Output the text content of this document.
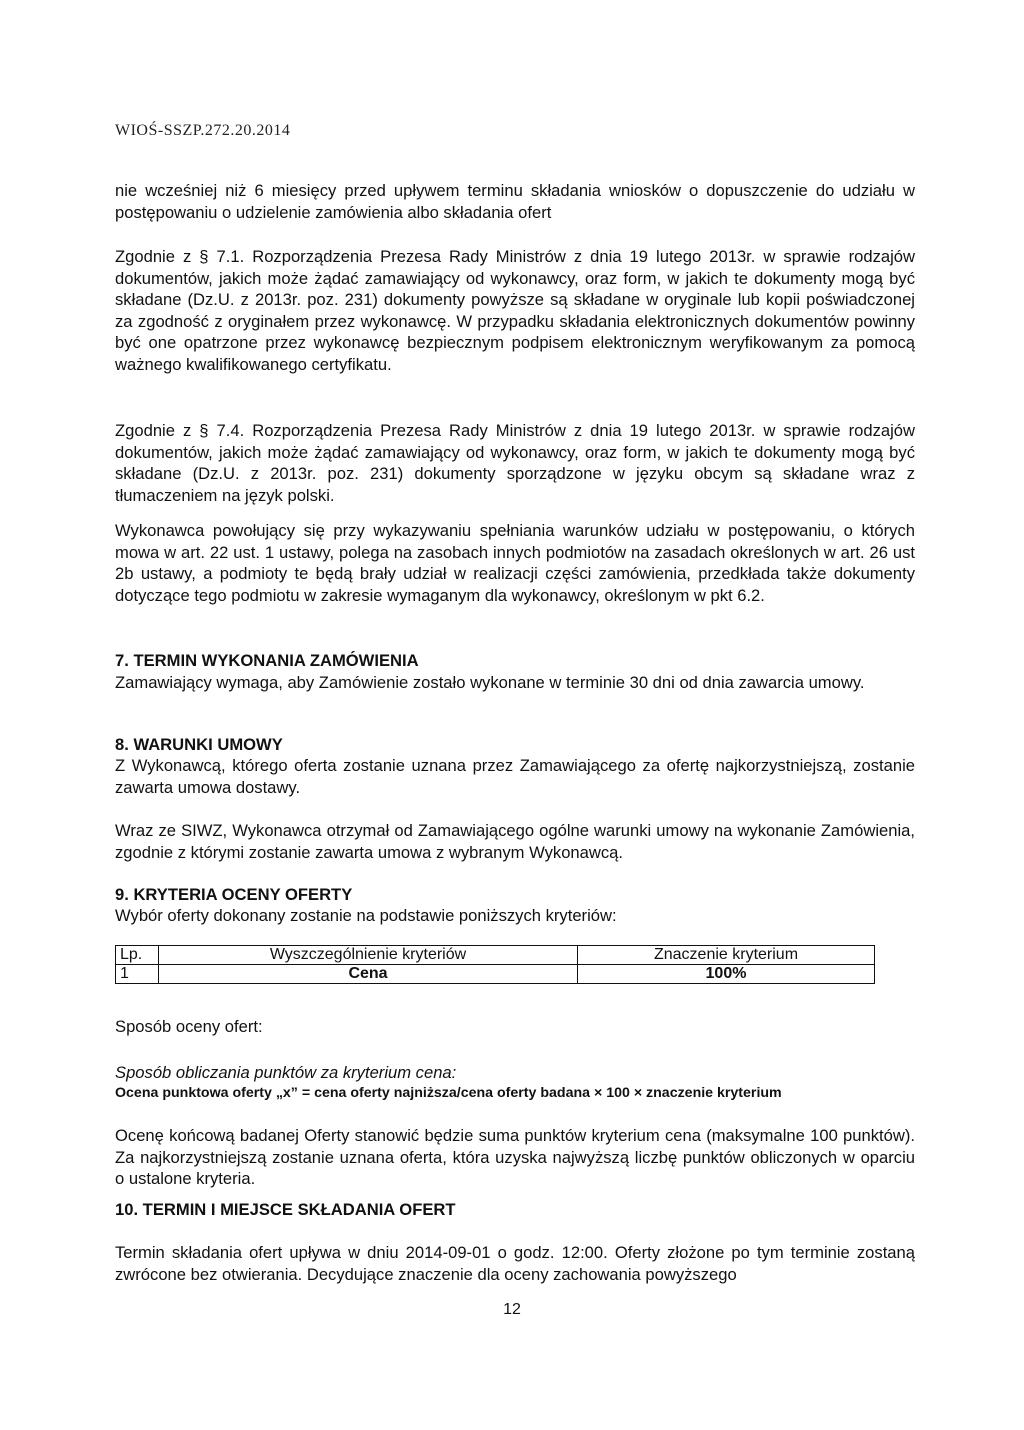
WIOŚ-SSZP.272.20.2014
nie wcześniej niż 6 miesięcy przed upływem terminu składania wniosków o dopuszczenie do udziału w postępowaniu o udzielenie zamówienia albo składania ofert
Zgodnie z § 7.1. Rozporządzenia Prezesa Rady Ministrów z dnia 19 lutego 2013r. w sprawie rodzajów dokumentów, jakich może żądać zamawiający od wykonawcy, oraz form, w jakich te dokumenty mogą być składane (Dz.U. z 2013r. poz. 231) dokumenty powyższe są składane w oryginale lub kopii poświadczonej za zgodność z oryginałem przez wykonawcę. W przypadku składania elektronicznych dokumentów powinny być one opatrzone przez wykonawcę bezpiecznym podpisem elektronicznym weryfikowanym za pomocą ważnego kwalifikowanego certyfikatu.
Zgodnie z § 7.4. Rozporządzenia Prezesa Rady Ministrów z dnia 19 lutego 2013r. w sprawie rodzajów dokumentów, jakich może żądać zamawiający od wykonawcy, oraz form, w jakich te dokumenty mogą być składane (Dz.U. z 2013r. poz. 231) dokumenty sporządzone w języku obcym są składane wraz z tłumaczeniem na język polski.
Wykonawca powołujący się przy wykazywaniu spełniania warunków udziału w postępowaniu, o których mowa w art. 22 ust. 1 ustawy, polega na zasobach innych podmiotów na zasadach określonych w art. 26 ust 2b ustawy, a podmioty te będą brały udział w realizacji części zamówienia, przedkłada także dokumenty dotyczące tego podmiotu w zakresie wymaganym dla wykonawcy, określonym w pkt 6.2.
7. TERMIN WYKONANIA ZAMÓWIENIA
Zamawiający wymaga, aby Zamówienie zostało wykonane w terminie 30 dni od dnia zawarcia umowy.
8. WARUNKI UMOWY
Z Wykonawcą, którego oferta zostanie uznana przez Zamawiającego za ofertę najkorzystniejszą, zostanie zawarta umowa dostawy.
Wraz ze SIWZ, Wykonawca otrzymał od Zamawiającego ogólne warunki umowy na wykonanie Zamówienia, zgodnie z którymi zostanie zawarta umowa z wybranym Wykonawcą.
9. KRYTERIA OCENY OFERTY
Wybór oferty dokonany zostanie na podstawie poniższych kryteriów:
Lp.	Wyszczególnienie kryteriów	Znaczenie kryterium
1	Cena	100%
Sposób oceny ofert:
Sposób obliczania punktów za kryterium cena:
Ocena punktowa oferty „x” = cena oferty najniższa/cena oferty badana × 100 × znaczenie kryterium
Ocenę końcową badanej Oferty stanowić będzie suma punktów kryterium cena (maksymalne 100 punktów). Za najkorzystniejszą zostanie uznana oferta, która uzyska najwyższą liczbę punktów obliczonych w oparciu o ustalone kryteria.
10. TERMIN I MIEJSCE SKŁADANIA OFERT
Termin składania ofert upływa w dniu 2014-09-01 o godz. 12:00. Oferty złożone po tym terminie zostaną zwrócone bez otwierania. Decydujące znaczenie dla oceny zachowania powyższego
12
